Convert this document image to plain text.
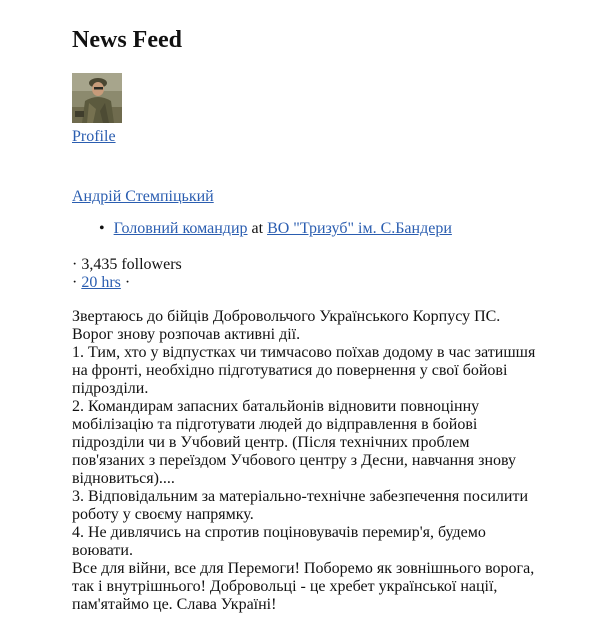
News Feed
Profile
Андрій Стемпіцький
• Головний командир at ВО "Тризуб" ім. С.Бандери
· 3,435 followers
· 20 hrs ·

Звертаюсь до бійців Добровольчого Українського Корпусу ПС. Ворог знову розпочав активні дії.

1. Тим, хто у відпустках чи тимчасово поїхав додому в час затишшя на фронті, необхідно підготуватися до повернення у свої бойові підрозділи.

2. Командирам запасних батальйонів відновити повноцінну мобілізацію та підготувати людей до відправлення в бойові підрозділи чи в Учбовий центр. (Після технічних проблем пов'язаних з переїздом Учбового центру з Десни, навчання знову відновиться)....

3. Відповідальним за матеріально-технічне забезпечення посилити роботу у своєму напрямку.

4. Не дивлячись на спротив поціновувачів перемир'я, будемо воювати.

Все для війни, все для Перемоги! Поборемо як зовнішнього ворога, так і внутрішнього! Добровольці - це хребет української нації, пам'ятаймо це. Слава Україні!
